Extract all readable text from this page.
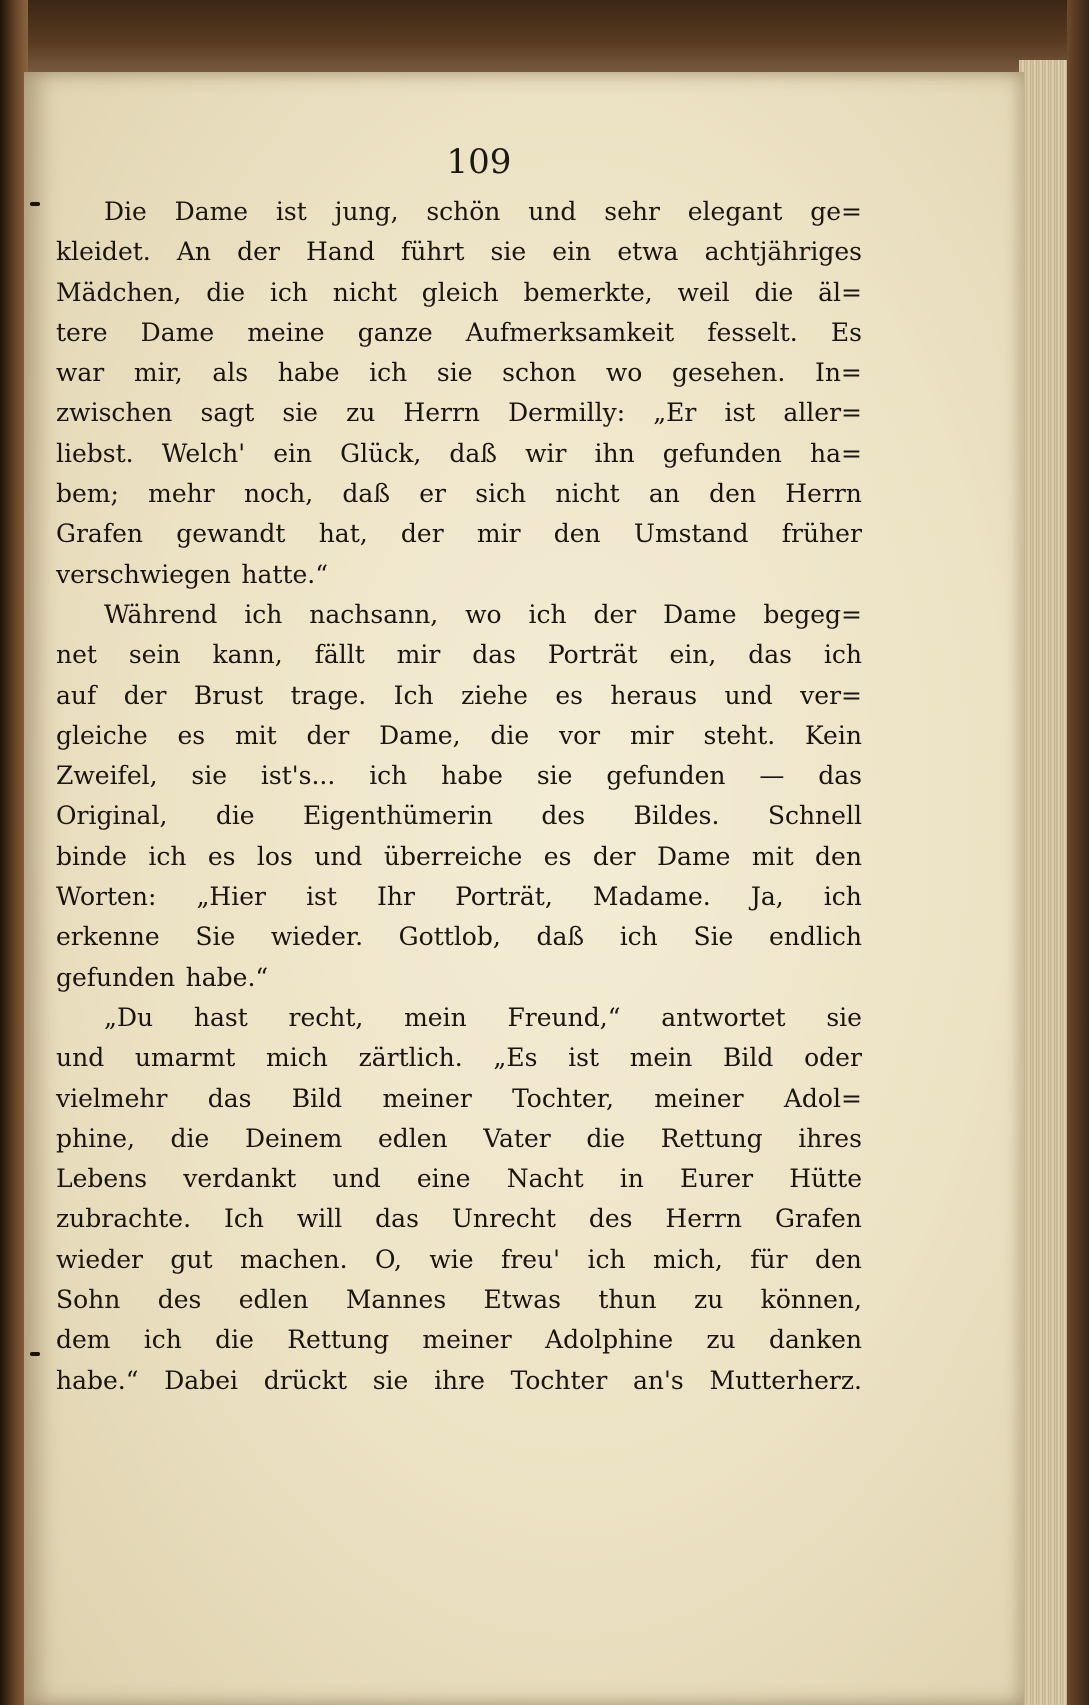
109
Die Dame ist jung, schön und sehr elegant ge=
kleidet. An der Hand führt sie ein etwa achtjähriges
Mädchen, die ich nicht gleich bemerkte, weil die äl=
tere Dame meine ganze Aufmerksamkeit fesselt. Es
war mir, als habe ich sie schon wo gesehen. In=
zwischen sagt sie zu Herrn Dermilly: „Er ist aller=
liebst. Welch' ein Glück, daß wir ihn gefunden ha=
bem; mehr noch, daß er sich nicht an den Herrn
Grafen gewandt hat, der mir den Umstand früher
verschwiegen hatte.“
Während ich nachsann, wo ich der Dame begeg=
net sein kann, fällt mir das Porträt ein, das ich
auf der Brust trage. Ich ziehe es heraus und ver=
gleiche es mit der Dame, die vor mir steht. Kein
Zweifel, sie ist's... ich habe sie gefunden — das
Original, die Eigenthümerin des Bildes. Schnell
binde ich es los und überreiche es der Dame mit den
Worten: „Hier ist Ihr Porträt, Madame. Ja, ich
erkenne Sie wieder. Gottlob, daß ich Sie endlich
gefunden habe.“
„Du hast recht, mein Freund,“ antwortet sie
und umarmt mich zärtlich. „Es ist mein Bild oder
vielmehr das Bild meiner Tochter, meiner Adol=
phine, die Deinem edlen Vater die Rettung ihres
Lebens verdankt und eine Nacht in Eurer Hütte
zubrachte. Ich will das Unrecht des Herrn Grafen
wieder gut machen. O, wie freu' ich mich, für den
Sohn des edlen Mannes Etwas thun zu können,
dem ich die Rettung meiner Adolphine zu danken
habe.“ Dabei drückt sie ihre Tochter an's Mutterherz.
